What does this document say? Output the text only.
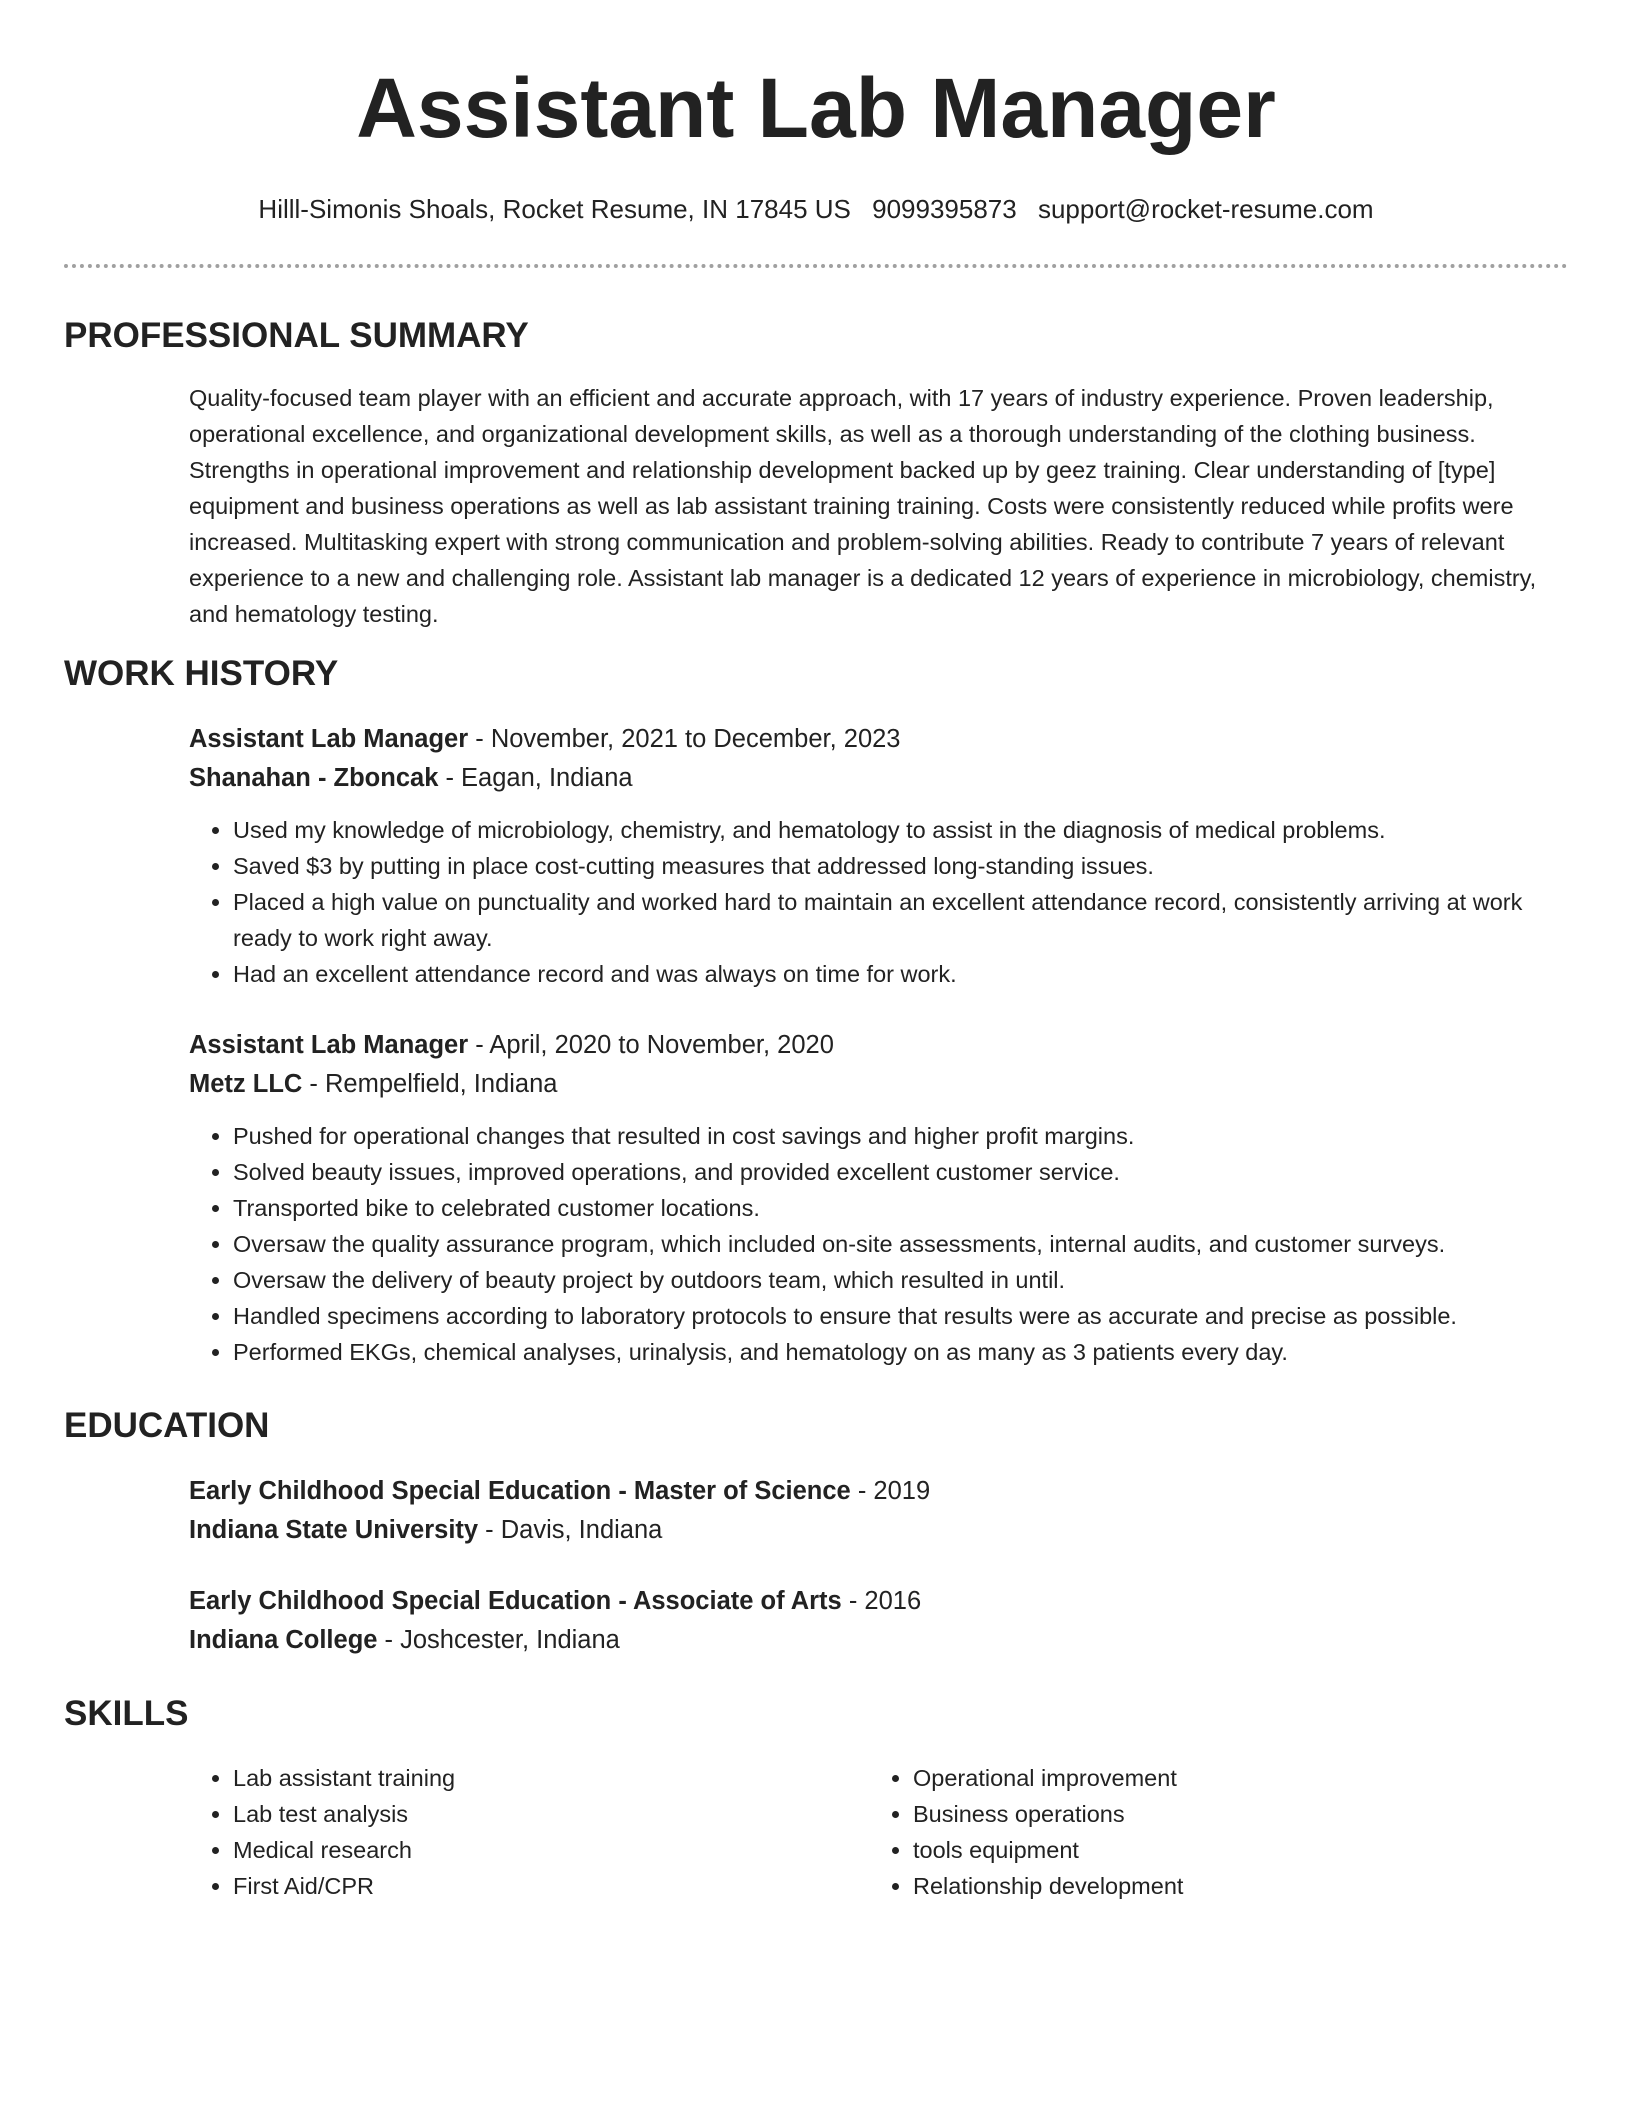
Assistant Lab Manager
Hilll-Simonis Shoals, Rocket Resume, IN 17845 US 9099395873 support@rocket-resume.com
PROFESSIONAL SUMMARY
Quality-focused team player with an efficient and accurate approach, with 17 years of industry experience. Proven leadership, operational excellence, and organizational development skills, as well as a thorough understanding of the clothing business. Strengths in operational improvement and relationship development backed up by geez training. Clear understanding of [type] equipment and business operations as well as lab assistant training training. Costs were consistently reduced while profits were increased. Multitasking expert with strong communication and problem-solving abilities. Ready to contribute 7 years of relevant experience to a new and challenging role. Assistant lab manager is a dedicated 12 years of experience in microbiology, chemistry, and hematology testing.
WORK HISTORY
Assistant Lab Manager - November, 2021 to December, 2023
Shanahan - Zboncak - Eagan, Indiana
• Used my knowledge of microbiology, chemistry, and hematology to assist in the diagnosis of medical problems.
• Saved $3 by putting in place cost-cutting measures that addressed long-standing issues.
• Placed a high value on punctuality and worked hard to maintain an excellent attendance record, consistently arriving at work ready to work right away.
• Had an excellent attendance record and was always on time for work.
Assistant Lab Manager - April, 2020 to November, 2020
Metz LLC - Rempelfield, Indiana
• Pushed for operational changes that resulted in cost savings and higher profit margins.
• Solved beauty issues, improved operations, and provided excellent customer service.
• Transported bike to celebrated customer locations.
• Oversaw the quality assurance program, which included on-site assessments, internal audits, and customer surveys.
• Oversaw the delivery of beauty project by outdoors team, which resulted in until.
• Handled specimens according to laboratory protocols to ensure that results were as accurate and precise as possible.
• Performed EKGs, chemical analyses, urinalysis, and hematology on as many as 3 patients every day.
EDUCATION
Early Childhood Special Education - Master of Science - 2019
Indiana State University - Davis, Indiana
Early Childhood Special Education - Associate of Arts - 2016
Indiana College - Joshcester, Indiana
SKILLS
• Lab assistant training
• Lab test analysis
• Medical research
• First Aid/CPR
• Operational improvement
• Business operations
• tools equipment
• Relationship development
